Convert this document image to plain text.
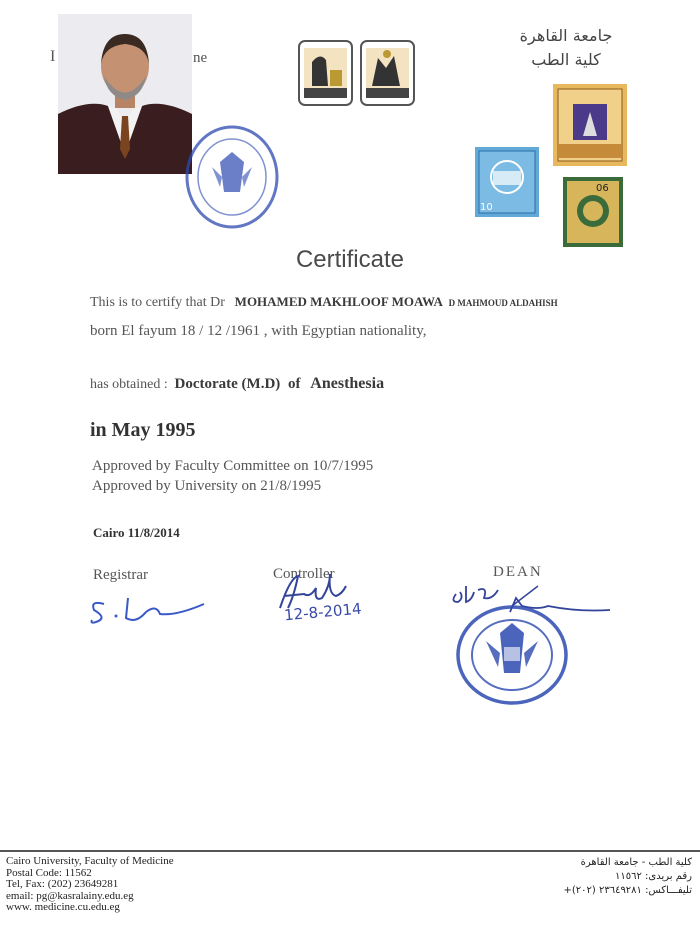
I	ne
جامعة القاهرة
كلية الطب
10
06
Certificate
This is to certify that Dr MOHAMED MAKHLOOF MOAWA D MAHMOUD ALDAHISH
born El fayum 18 / 12 /1961 , with Egyptian nationality,
has obtained : Doctorate (M.D) of Anesthesia
in May 1995
Approved by Faculty Committee on 10/7/1995
Approved by University on 21/8/1995
Cairo 11/8/2014
Registrar	Controller	DEAN
12-8-2014
Cairo University, Faculty of Medicine
Postal Code: 11562
Tel, Fax: (202) 23649281
email: pg@kasralainy.edu.eg
www. medicine.cu.edu.eg
كلية الطب - جامعة القاهرة
رقم بريدى: ١١٥٦٢
تليفـــاكس: ٢٣٦٤٩٢٨١ (٢٠٢)+
